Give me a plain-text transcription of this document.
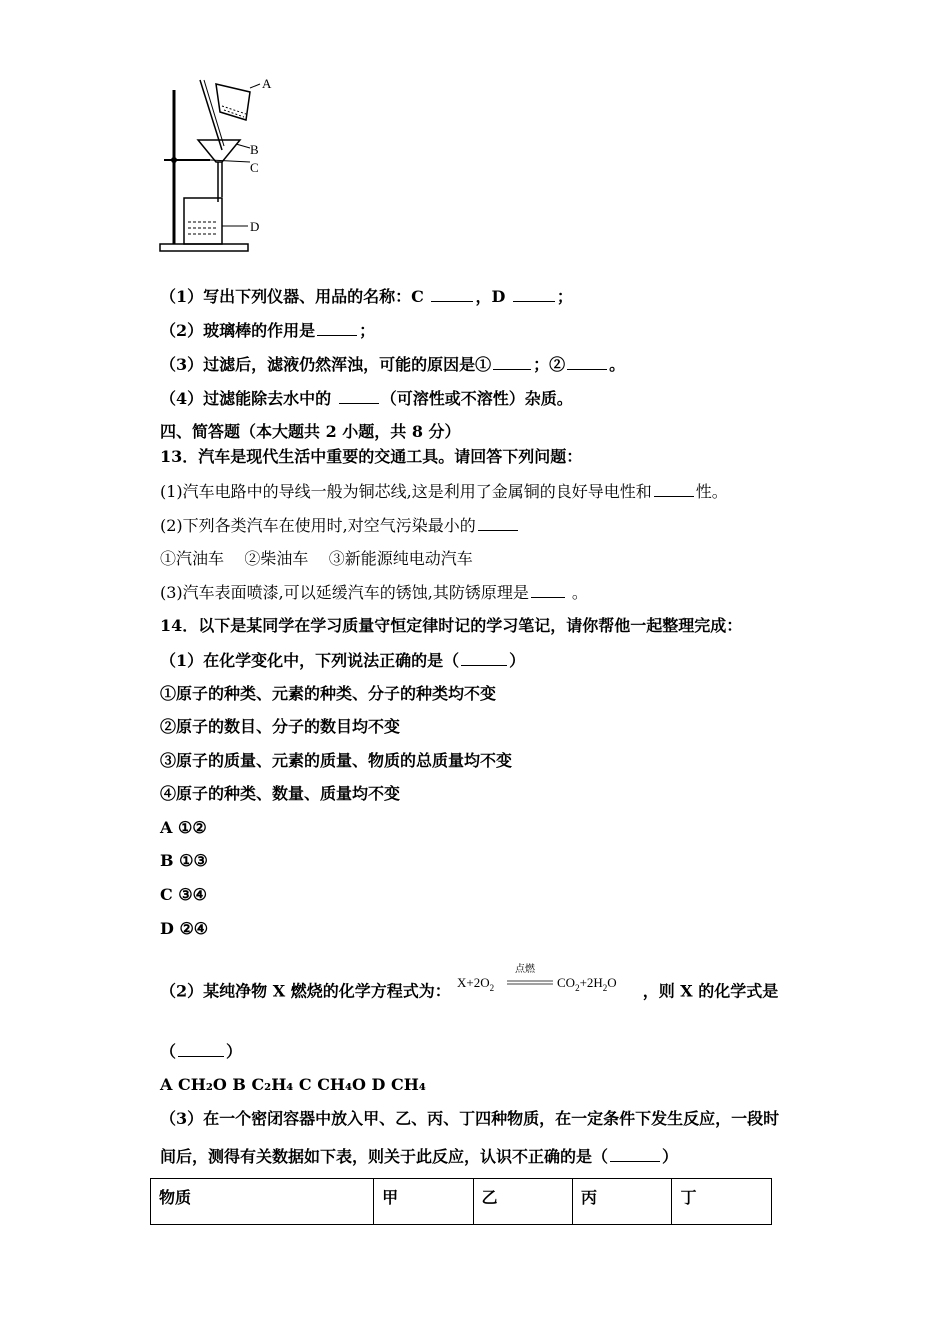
A
B
C
D
（1）写出下列仪器、用品的名称：C	，D	；
（2）玻璃棒的作用是	；
（3）过滤后，滤液仍然浑浊，可能的原因是①	；②	。
（4）过滤能除去水中的	（可溶性或不溶性）杂质。
四、简答题（本大题共 2 小题，共 8 分）
13．汽车是现代生活中重要的交通工具。请回答下列问题：
(1)汽车电路中的导线一般为铜芯线,这是利用了金属铜的良好导电性和	性。
(2)下列各类汽车在使用时,对空气污染最小的
①汽油车    ②柴油车    ③新能源纯电动汽车
(3)汽车表面喷漆,可以延缓汽车的锈蚀,其防锈原理是 。
14．以下是某同学在学习质量守恒定律时记的学习笔记，请你帮他一起整理完成：
（1）在化学变化中，下列说法正确的是（	）
①原子的种类、元素的种类、分子的种类均不变
②原子的数目、分子的数目均不变
③原子的质量、元素的质量、物质的总质量均不变
④原子的种类、数量、质量均不变
A ①②
B ①③
C ③④
D ②④
（2）某纯净物 X 燃烧的化学方程式为： $X+2O_2$
点燃
$CO_2+2H_2O$ ，则 X 的化学式是
（	）
A CH₂O B C₂H₄ C CH₄O D CH₄
（3）在一个密闭容器中放入甲、乙、丙、丁四种物质，在一定条件下发生反应，一段时
间后，测得有关数据如下表，则关于此反应，认识不正确的是（	）
物质	甲	乙	丙	丁
